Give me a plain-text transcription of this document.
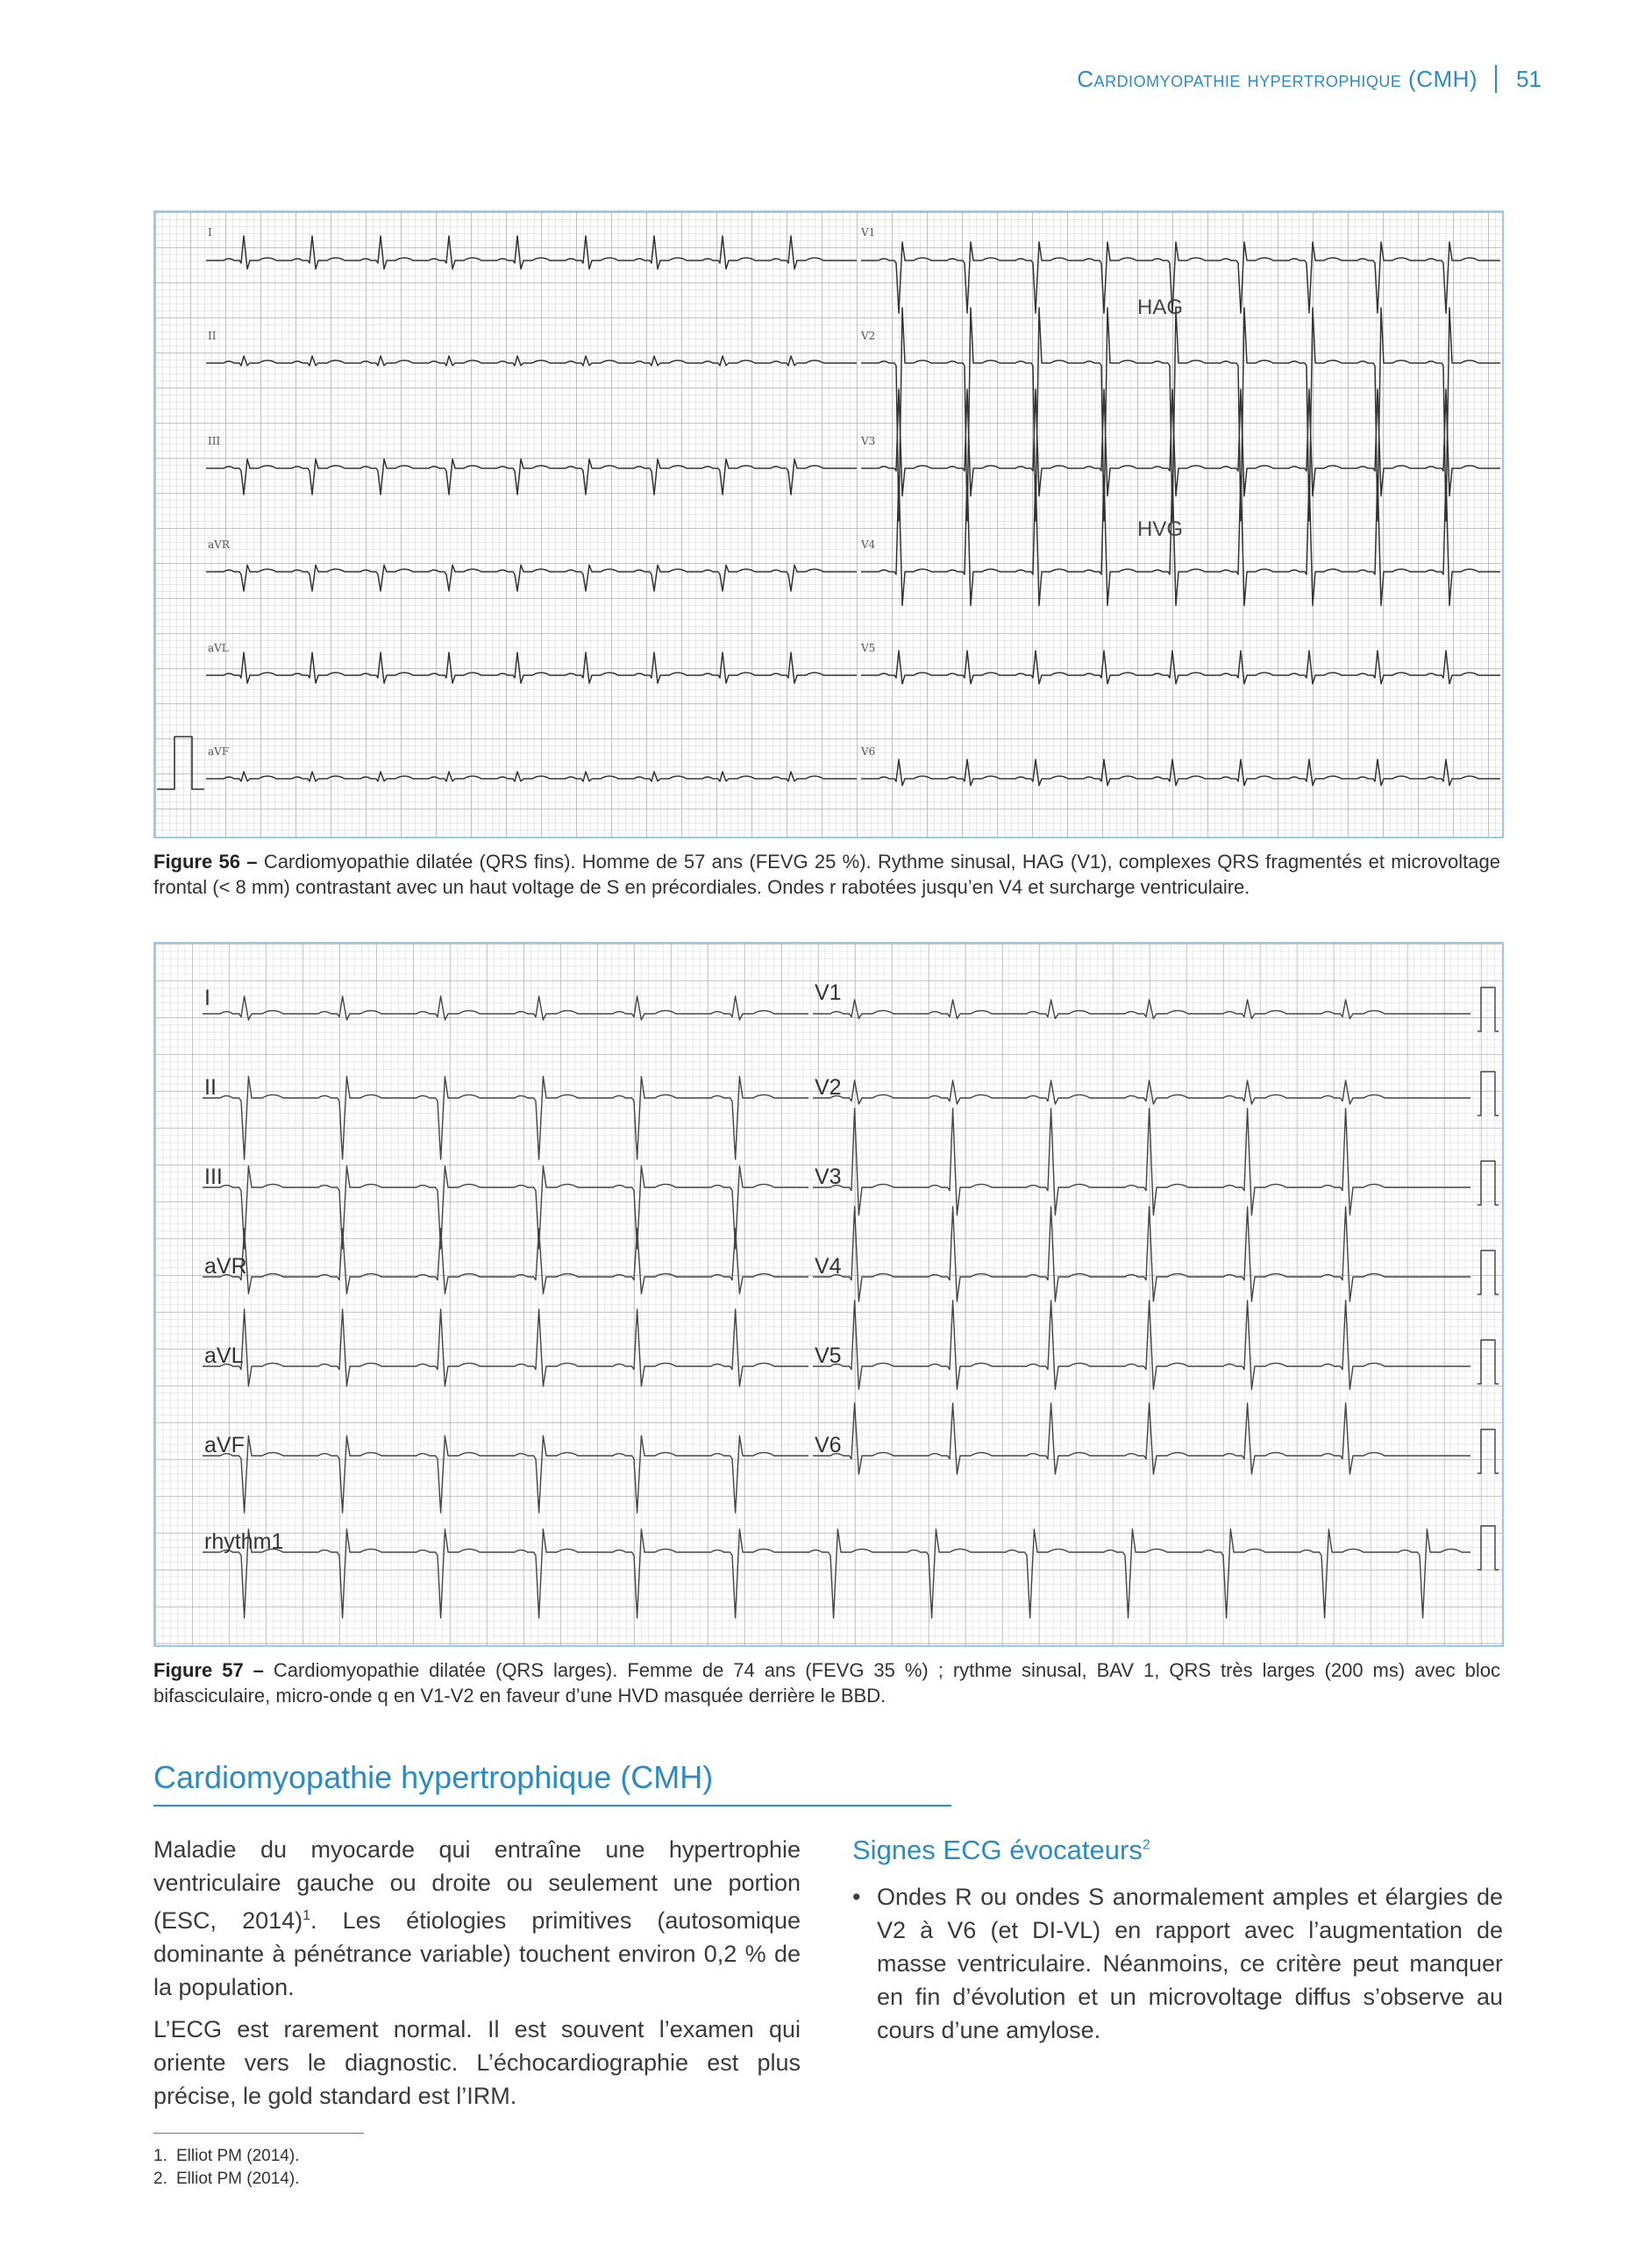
Cardiomyopathie hypertrophique (CMH) 51
I
II
III
aVR
aVL
aVF
V1
V2
V3
V4
V5
V6
HAG
HVG
Figure 56 – Cardiomyopathie dilatée (QRS fins). Homme de 57 ans (FEVG 25 %). Rythme sinusal, HAG (V1), complexes QRS fragmentés et microvoltage frontal (< 8 mm) contrastant avec un haut voltage de S en précordiales. Ondes r rabotées jusqu’en V4 et surcharge ventriculaire.
I
II
III
aVR
aVL
aVF
rhythm1
V1
V2
V3
V4
V5
V6
Figure 57 – Cardiomyopathie dilatée (QRS larges). Femme de 74 ans (FEVG 35 %) ; rythme sinusal, BAV 1, QRS très larges (200 ms) avec bloc bifasciculaire, micro-onde q en V1-V2 en faveur d’une HVD masquée derrière le BBD.
Cardiomyopathie hypertrophique (CMH)

Maladie du myocarde qui entraîne une hypertrophie ventriculaire gauche ou droite ou seulement une portion (ESC, 2014)$^1$. Les étiologies primitives (autosomique dominante à pénétrance variable) touchent environ 0,2 % de la population.

L’ECG est rarement normal. Il est souvent l’examen qui oriente vers le diagnostic. L’échocardiographie est plus précise, le gold standard est l’IRM.

Signes ECG évocateurs$^2$
• Ondes R ou ondes S anormalement amples et élargies de V2 à V6 (et DI-VL) en rapport avec l’augmentation de masse ventriculaire. Néanmoins, ce critère peut manquer en fin d’évolution et un microvoltage diffus s’observe au cours d’une amylose.
1. Elliot PM (2014).
2. Elliot PM (2014).
